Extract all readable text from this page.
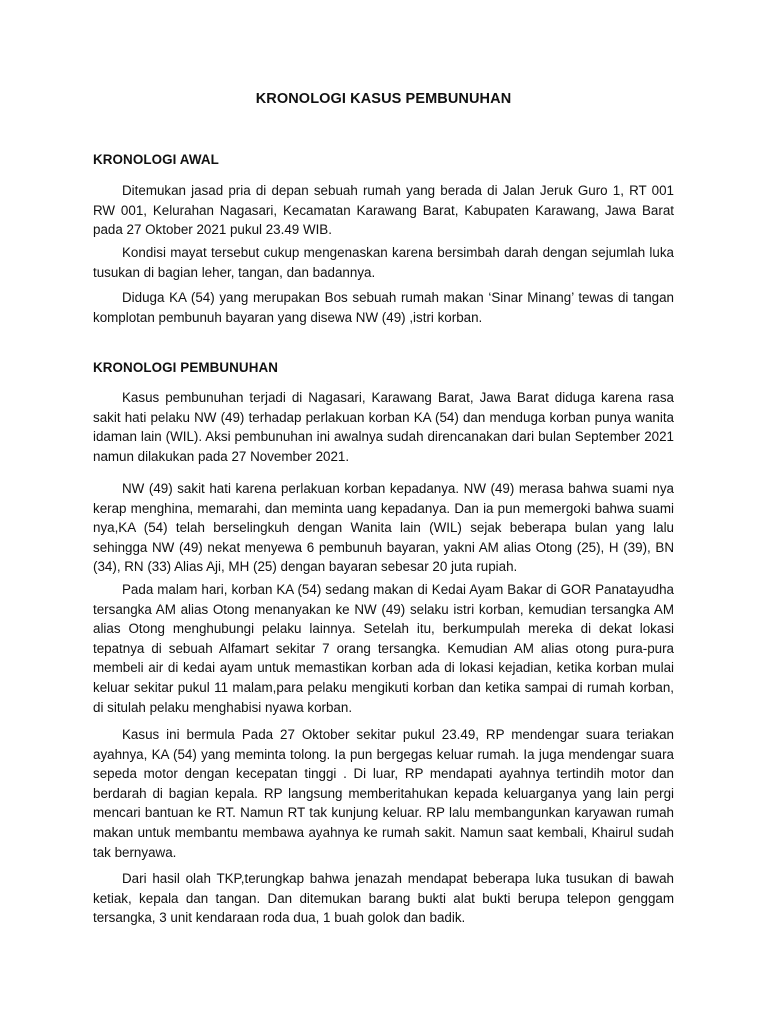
KRONOLOGI KASUS PEMBUNUHAN
KRONOLOGI AWAL

Ditemukan jasad pria di depan sebuah rumah yang berada di Jalan Jeruk Guro 1, RT 001 RW 001, Kelurahan Nagasari, Kecamatan Karawang Barat, Kabupaten Karawang, Jawa Barat pada 27 Oktober 2021 pukul 23.49 WIB.

Kondisi mayat tersebut cukup mengenaskan karena bersimbah darah dengan sejumlah luka tusukan di bagian leher, tangan, dan badannya.

Diduga KA (54) yang merupakan Bos sebuah rumah makan ‘Sinar Minang’ tewas di tangan komplotan pembunuh bayaran yang disewa NW (49) ,istri korban.

KRONOLOGI PEMBUNUHAN

Kasus pembunuhan terjadi di Nagasari, Karawang Barat, Jawa Barat diduga karena rasa sakit hati pelaku NW (49) terhadap perlakuan korban KA (54) dan menduga korban punya wanita idaman lain (WIL). Aksi pembunuhan ini awalnya sudah direncanakan dari bulan September 2021 namun dilakukan pada 27 November 2021.

NW (49) sakit hati karena perlakuan korban kepadanya. NW (49) merasa bahwa suami nya kerap menghina, memarahi, dan meminta uang kepadanya. Dan ia pun memergoki bahwa suami nya,KA (54) telah berselingkuh dengan Wanita lain (WIL) sejak beberapa bulan yang lalu sehingga NW (49) nekat menyewa 6 pembunuh bayaran, yakni AM alias Otong (25), H (39), BN (34), RN (33) Alias Aji, MH (25) dengan bayaran sebesar 20 juta rupiah.

Pada malam hari, korban KA (54) sedang makan di Kedai Ayam Bakar di GOR Panatayudha tersangka AM alias Otong menanyakan ke NW (49) selaku istri korban, kemudian tersangka AM alias Otong menghubungi pelaku lainnya. Setelah itu, berkumpulah mereka di dekat lokasi tepatnya di sebuah Alfamart sekitar 7 orang tersangka. Kemudian AM alias otong pura-pura membeli air di kedai ayam untuk memastikan korban ada di lokasi kejadian, ketika korban mulai keluar sekitar pukul 11 malam,para pelaku mengikuti korban dan ketika sampai di rumah korban, di situlah pelaku menghabisi nyawa korban.

Kasus ini bermula Pada 27 Oktober sekitar pukul 23.49, RP mendengar suara teriakan ayahnya, KA (54) yang meminta tolong. Ia pun bergegas keluar rumah. Ia juga mendengar suara sepeda motor dengan kecepatan tinggi . Di luar, RP mendapati ayahnya tertindih motor dan berdarah di bagian kepala. RP langsung memberitahukan kepada keluarganya yang lain pergi mencari bantuan ke RT. Namun RT tak kunjung keluar. RP lalu membangunkan karyawan rumah makan untuk membantu membawa ayahnya ke rumah sakit. Namun saat kembali, Khairul sudah tak bernyawa.

Dari hasil olah TKP,terungkap bahwa jenazah mendapat beberapa luka tusukan di bawah ketiak, kepala dan tangan. Dan ditemukan barang bukti alat bukti berupa telepon genggam tersangka, 3 unit kendaraan roda dua, 1 buah golok dan badik.
